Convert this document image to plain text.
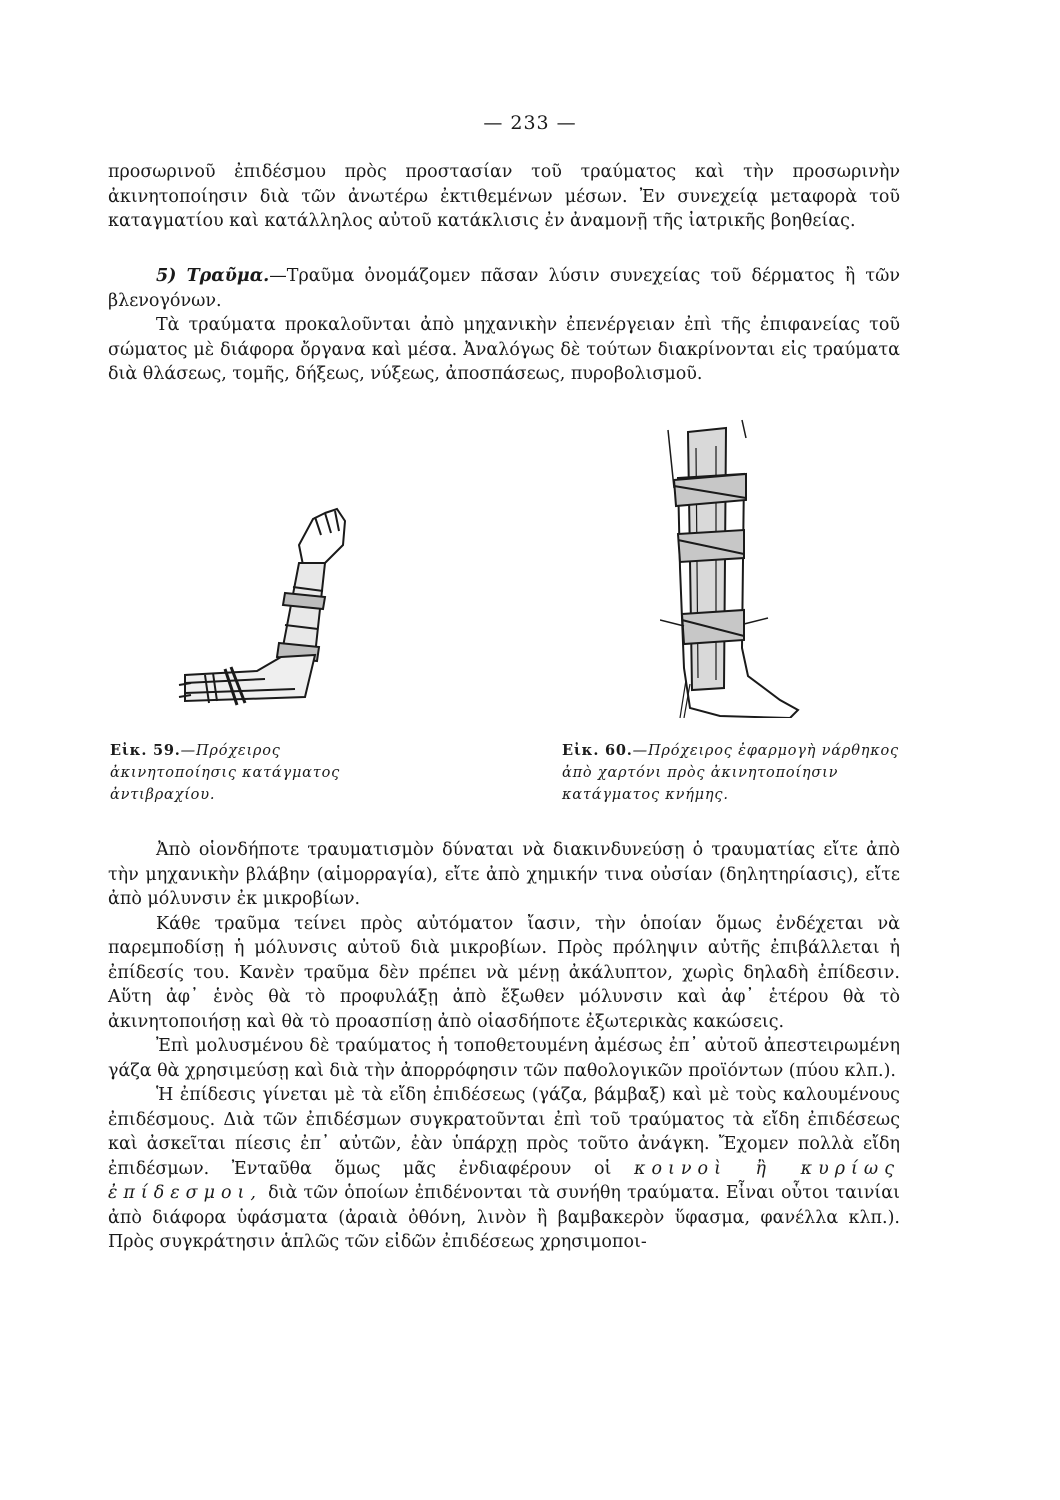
— 233 —

προσωρινοῦ ἐπιδέσμου πρὸς προστασίαν τοῦ τραύματος καὶ τὴν προσωρινὴν ἀκινητοποίησιν διὰ τῶν ἀνωτέρω ἐκτιθεμένων μέσων. Ἐν συνεχείᾳ μεταφορὰ τοῦ καταγματίου καὶ κατάλληλος αὐτοῦ κατάκλισις ἐν ἀναμονῇ τῆς ἰατρικῆς βοηθείας.

5) Τραῦμα.—Τραῦμα ὀνομάζομεν πᾶσαν λύσιν συνεχείας τοῦ δέρματος ἢ τῶν βλενογόνων.

Τὰ τραύματα προκαλοῦνται ἀπὸ μηχανικὴν ἐπενέργειαν ἐπὶ τῆς ἐπιφανείας τοῦ σώματος μὲ διάφορα ὄργανα καὶ μέσα. Ἀναλόγως δὲ τούτων διακρίνονται εἰς τραύματα διὰ θλάσεως, τομῆς, δήξεως, νύξεως, ἀποσπάσεως, πυροβολισμοῦ.

Εἰκ. 59.—Πρόχειρος ἀκινητοποίησις κατάγματος ἀντιβραχίου.
Εἰκ. 60.—Πρόχειρος ἐφαρμογὴ νάρθηκος ἀπὸ χαρτόνι πρὸς ἀκινητοποίησιν κατάγματος κνήμης.

Ἀπὸ οἱονδήποτε τραυματισμὸν δύναται νὰ διακινδυνεύσῃ ὁ τραυματίας εἴτε ἀπὸ τὴν μηχανικὴν βλάβην (αἱμορραγία), εἴτε ἀπὸ χημικήν τινα οὐσίαν (δηλητηρίασις), εἴτε ἀπὸ μόλυνσιν ἐκ μικροβίων.

Κάθε τραῦμα τείνει πρὸς αὐτόματον ἴασιν, τὴν ὁποίαν ὅμως ἐνδέχεται νὰ παρεμποδίσῃ ἡ μόλυνσις αὐτοῦ διὰ μικροβίων. Πρὸς πρόληψιν αὐτῆς ἐπιβάλλεται ἡ ἐπίδεσίς του. Κανὲν τραῦμα δὲν πρέπει νὰ μένῃ ἀκάλυπτον, χωρὶς δηλαδὴ ἐπίδεσιν. Αὕτη ἀφ᾽ ἑνὸς θὰ τὸ προφυλάξῃ ἀπὸ ἔξωθεν μόλυνσιν καὶ ἀφ᾽ ἑτέρου θὰ τὸ ἀκινητοποιήσῃ καὶ θὰ τὸ προασπίσῃ ἀπὸ οἱασδήποτε ἐξωτερικὰς κακώσεις.

Ἐπὶ μολυσμένου δὲ τραύματος ἡ τοποθετουμένη ἀμέσως ἐπ᾽ αὐτοῦ ἀπεστειρωμένη γάζα θὰ χρησιμεύσῃ καὶ διὰ τὴν ἀπορρόφησιν τῶν παθολογικῶν προϊόντων (πύου κλπ.).

Ἡ ἐπίδεσις γίνεται μὲ τὰ εἴδη ἐπιδέσεως (γάζα, βάμβαξ) καὶ μὲ τοὺς καλουμένους ἐπιδέσμους. Διὰ τῶν ἐπιδέσμων συγκρατοῦνται ἐπὶ τοῦ τραύματος τὰ εἴδη ἐπιδέσεως καὶ ἀσκεῖται πίεσις ἐπ᾽ αὐτῶν, ἐὰν ὑπάρχῃ πρὸς τοῦτο ἀνάγκη. Ἔχομεν πολλὰ εἴδη ἐπιδέσμων. Ἐνταῦθα ὅμως μᾶς ἐνδιαφέρουν οἱ κοινοὶ ἢ κυρίως ἐπίδεσμοι, διὰ τῶν ὁποίων ἐπιδένονται τὰ συνήθη τραύματα. Εἶναι οὗτοι ταινίαι ἀπὸ διάφορα ὑφάσματα (ἀραιὰ ὀθόνη, λινὸν ἢ βαμβακερὸν ὕφασμα, φανέλλα κλπ.). Πρὸς συγκράτησιν ἁπλῶς τῶν εἰδῶν ἐπιδέσεως χρησιμοποι-
